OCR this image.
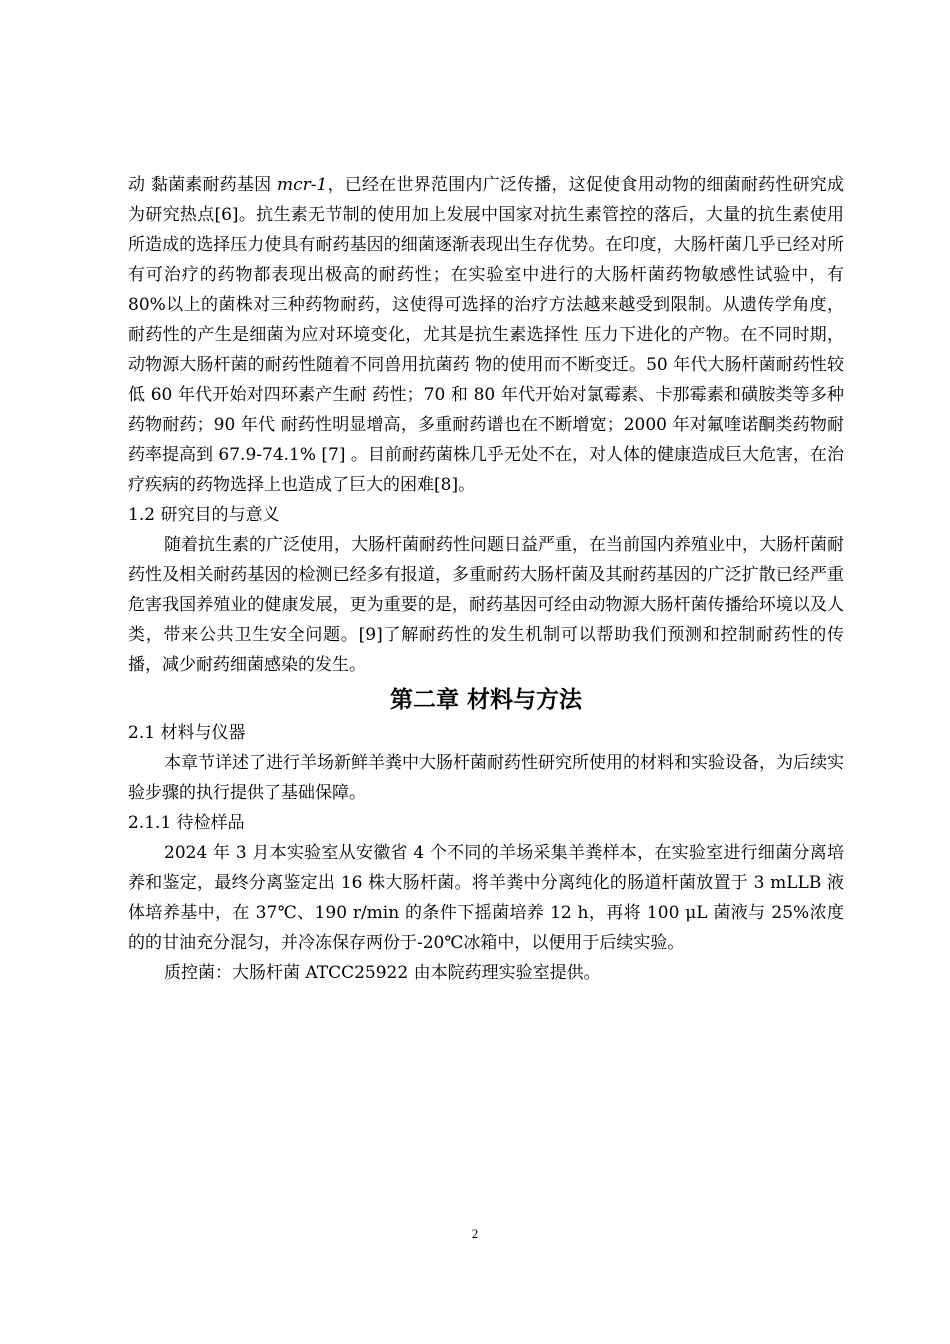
动 黏菌素耐药基因 mcr-1，已经在世界范围内广泛传播，这促使食用动物的细菌耐药性研究成为研究热点[6]。抗生素无节制的使用加上发展中国家对抗生素管控的落后，大量的抗生素使用所造成的选择压力使具有耐药基因的细菌逐渐表现出生存优势。在印度，大肠杆菌几乎已经对所有可治疗的药物都表现出极高的耐药性；在实验室中进行的大肠杆菌药物敏感性试验中，有 80%以上的菌株对三种药物耐药，这使得可选择的治疗方法越来越受到限制。从遗传学角度，耐药性的产生是细菌为应对环境变化，尤其是抗生素选择性 压力下进化的产物。在不同时期，动物源大肠杆菌的耐药性随着不同兽用抗菌药 物的使用而不断变迁。50 年代大肠杆菌耐药性较低 60 年代开始对四环素产生耐 药性；70 和 80 年代开始对氯霉素、卡那霉素和磺胺类等多种药物耐药；90 年代 耐药性明显增高，多重耐药谱也在不断增宽；2000 年对氟喹诺酮类药物耐药率提高到 67.9-74.1% [7] 。目前耐药菌株几乎无处不在，对人体的健康造成巨大危害，在治疗疾病的药物选择上也造成了巨大的困难[8]。

1.2 研究目的与意义

随着抗生素的广泛使用，大肠杆菌耐药性问题日益严重，在当前国内养殖业中，大肠杆菌耐药性及相关耐药基因的检测已经多有报道，多重耐药大肠杆菌及其耐药基因的广泛扩散已经严重危害我国养殖业的健康发展，更为重要的是，耐药基因可经由动物源大肠杆菌传播给环境以及人类，带来公共卫生安全问题。[9]了解耐药性的发生机制可以帮助我们预测和控制耐药性的传播，减少耐药细菌感染的发生。

第二章 材料与方法

2.1 材料与仪器

本章节详述了进行羊场新鲜羊粪中大肠杆菌耐药性研究所使用的材料和实验设备，为后续实验步骤的执行提供了基础保障。

2.1.1 待检样品

2024 年 3 月本实验室从安徽省 4 个不同的羊场采集羊粪样本，在实验室进行细菌分离培养和鉴定，最终分离鉴定出 16 株大肠杆菌。将羊粪中分离纯化的肠道杆菌放置于 3 mLLB 液体培养基中，在 37℃、190 r/min 的条件下摇菌培养 12 h，再将 100 μL 菌液与 25%浓度的的甘油充分混匀，并冷冻保存两份于-20℃冰箱中，以便用于后续实验。

质控菌：大肠杆菌 ATCC25922 由本院药理实验室提供。

2
